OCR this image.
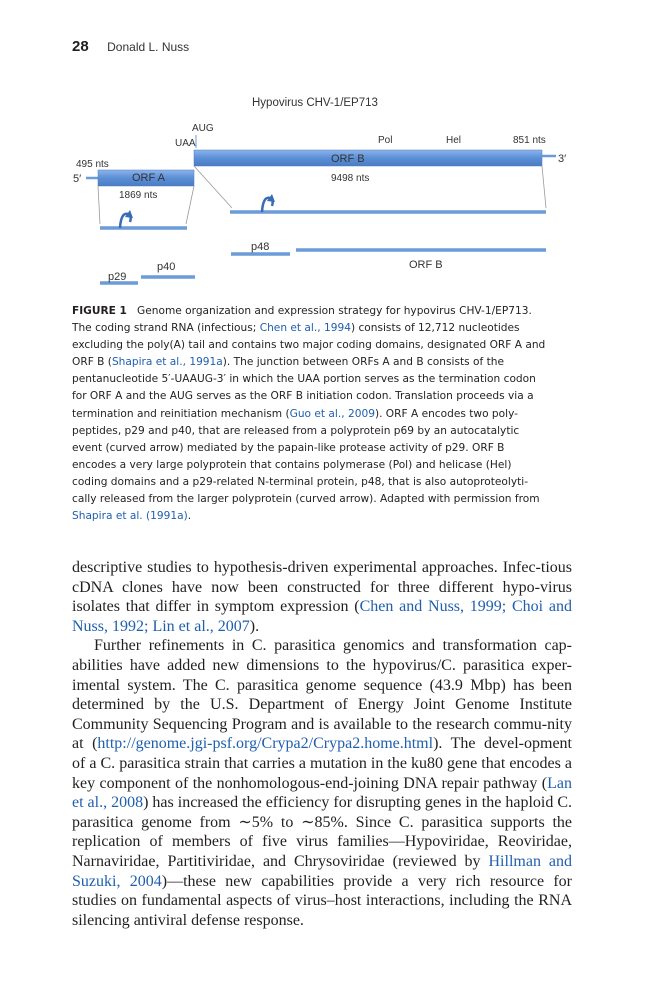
28 Donald L. Nuss
Hypovirus CHV-1/EP713
AUG
UAA	Pol	Hel	851 nts
495 nts
5′
3′
ORF A
ORF B
9498 nts
1869 nts
p48
ORF B
p40
p29
FIGURE 1 Genome organization and expression strategy for hypovirus CHV-1/EP713.
The coding strand RNA (infectious; Chen et al., 1994) consists of 12,712 nucleotides
excluding the poly(A) tail and contains two major coding domains, designated ORF A and
ORF B (Shapira et al., 1991a). The junction between ORFs A and B consists of the
pentanucleotide 5′-UAAUG-3′ in which the UAA portion serves as the termination codon
for ORF A and the AUG serves as the ORF B initiation codon. Translation proceeds via a
termination and reinitiation mechanism (Guo et al., 2009). ORF A encodes two poly-
peptides, p29 and p40, that are released from a polyprotein p69 by an autocatalytic
event (curved arrow) mediated by the papain-like protease activity of p29. ORF B
encodes a very large polyprotein that contains polymerase (Pol) and helicase (Hel)
coding domains and a p29-related N-terminal protein, p48, that is also autoproteolyti-
cally released from the larger polyprotein (curved arrow). Adapted with permission from
Shapira et al. (1991a).

descriptive studies to hypothesis-driven experimental approaches. Infec-tious cDNA clones have now been constructed for three different hypo-virus isolates that differ in symptom expression (Chen and Nuss, 1999; Choi and Nuss, 1992; Lin et al., 2007).

Further refinements in C. parasitica genomics and transformation cap-abilities have added new dimensions to the hypovirus/C. parasitica exper-imental system. The C. parasitica genome sequence (43.9 Mbp) has been determined by the U.S. Department of Energy Joint Genome Institute Community Sequencing Program and is available to the research commu-nity at (http://genome.jgi-psf.org/Crypa2/Crypa2.home.html). The devel-opment of a C. parasitica strain that carries a mutation in the ku80 gene that encodes a key component of the nonhomologous-end-joining DNA repair pathway (Lan et al., 2008) has increased the efficiency for disrupting genes in the haploid C. parasitica genome from ∼5% to ∼85%. Since C. parasitica supports the replication of members of five virus families—Hypoviridae, Reoviridae, Narnaviridae, Partitiviridae, and Chrysoviridae (reviewed by Hillman and Suzuki, 2004)—these new capabilities provide a very rich resource for studies on fundamental aspects of virus–host interactions, including the RNA silencing antiviral defense response.
